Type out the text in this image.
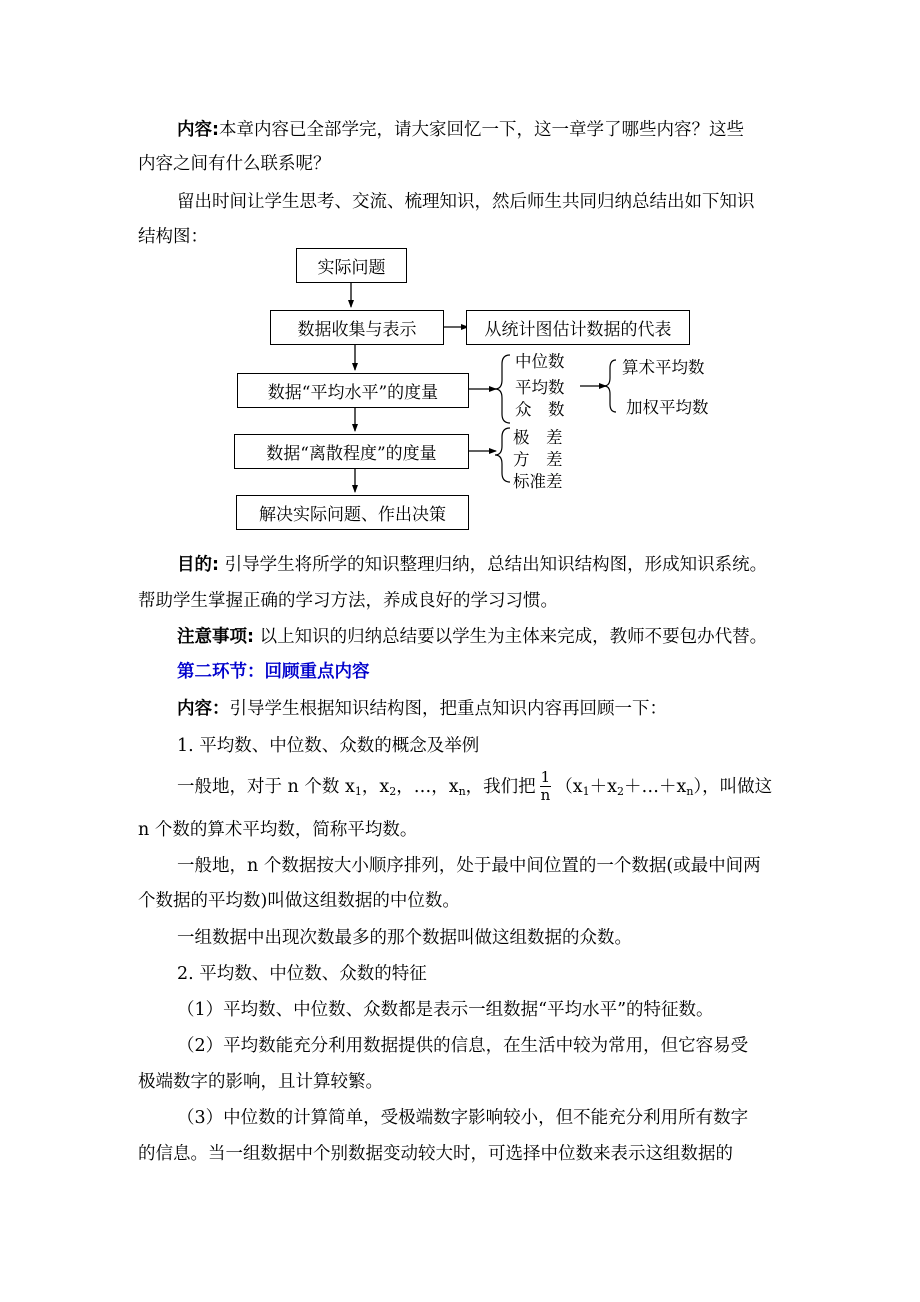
内容:本章内容已全部学完，请大家回忆一下，这一章学了哪些内容？这些
内容之间有什么联系呢？
留出时间让学生思考、交流、梳理知识，然后师生共同归纳总结出如下知识
结构图：
实际问题
数据收集与表示	从统计图估计数据的代表
数据“平均水平”的度量
数据“离散程度”的度量
解决实际问题、作出决策
中位数
平均数
众　数
算术平均数
加权平均数
极　差
方　差
标准差
目的: 引导学生将所学的知识整理归纳，总结出知识结构图，形成知识系统。
帮助学生掌握正确的学习方法，养成良好的学习习惯。
注意事项: 以上知识的归纳总结要以学生为主体来完成，教师不要包办代替。
第二环节：回顾重点内容
内容：引导学生根据知识结构图，把重点知识内容再回顾一下：
1. 平均数、中位数、众数的概念及举例
一般地，对于 n 个数 $x_1$，$x_2$，…，$x_n$，我们把 $\frac{1}{n}$ $(x_1+x_2+\dots+x_n)$，叫做这
n 个数的算术平均数，简称平均数。
一般地，n 个数据按大小顺序排列，处于最中间位置的一个数据(或最中间两
个数据的平均数)叫做这组数据的中位数。
一组数据中出现次数最多的那个数据叫做这组数据的众数。
2. 平均数、中位数、众数的特征
（1）平均数、中位数、众数都是表示一组数据“平均水平”的特征数。
（2）平均数能充分利用数据提供的信息，在生活中较为常用，但它容易受
极端数字的影响，且计算较繁。
（3）中位数的计算简单，受极端数字影响较小，但不能充分利用所有数字
的信息。当一组数据中个别数据变动较大时，可选择中位数来表示这组数据的
